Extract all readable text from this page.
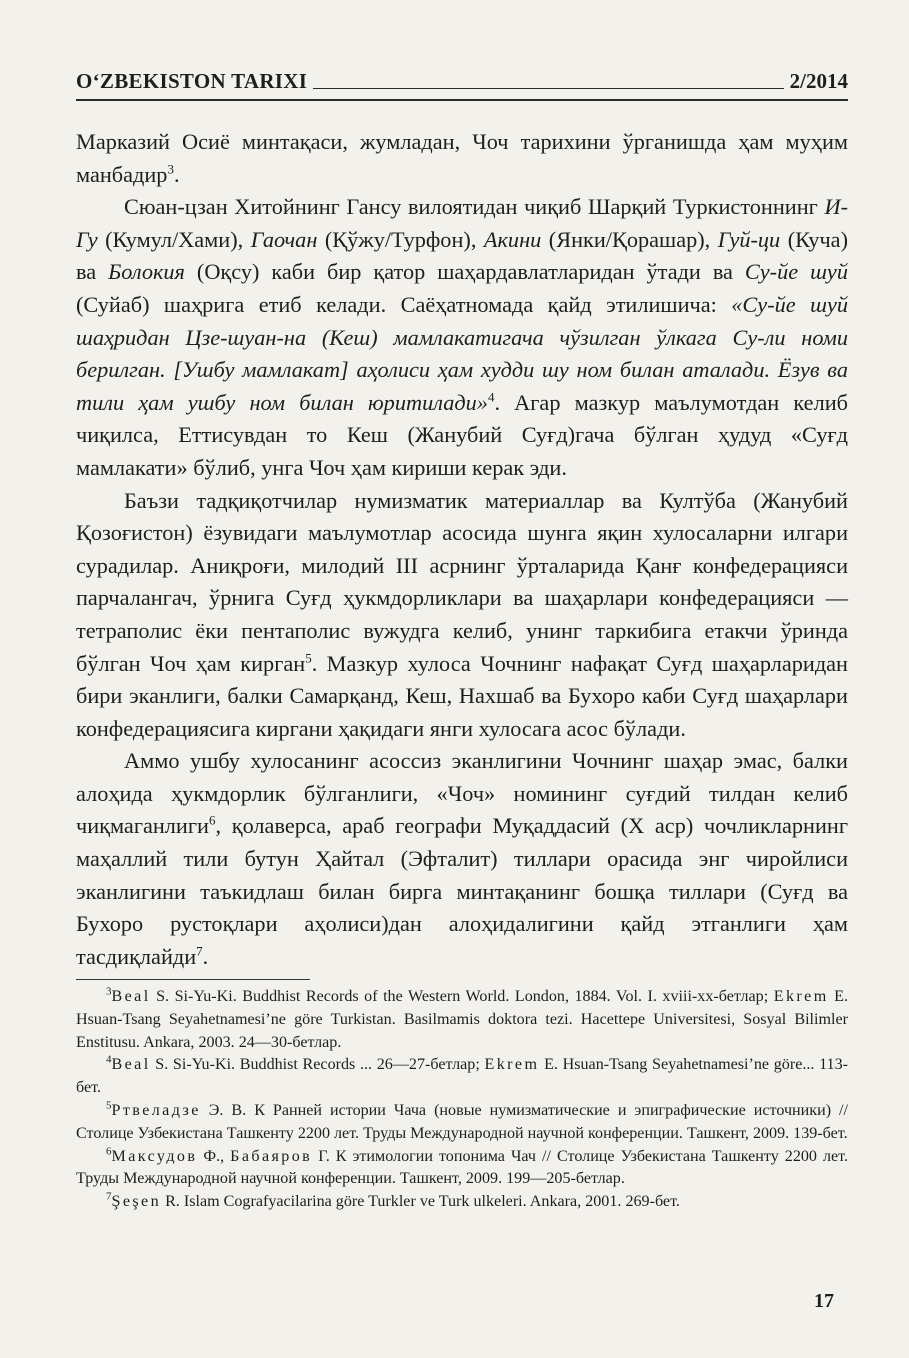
O‘ZBEKISTON TARIXI	2/2014

Марказий Осиё минтақаси, жумладан, Чоч тарихини ўрганишда ҳам муҳим манбадир$^3$.

Сюан-цзан Хитойнинг Гансу вилоятидан чиқиб Шарқий Туркистоннинг И-Гу (Кумул/Хами), Гаочан (Қўжу/Турфон), Акини (Янки/Қорашар), Гуй-цu (Куча) ва Болокия (Оқсу) каби бир қатор шаҳардавлатларидан ўтади ва Су-йе шуй (Суйаб) шаҳрига етиб келади. Саёҳатномада қайд этилишича: «Су-йе шуй шаҳридан Цзе-шуан-на (Кеш) мамлакатигача чўзилган ўлкага Су-ли номи берилган. [Ушбу мамлакат] аҳолиси ҳам худди шу ном билан аталади. Ёзув ва тили ҳам ушбу ном билан юритилади»$^4$. Агар мазкур маълумотдан келиб чиқилса, Еттисувдан то Кеш (Жанубий Суғд)гача бўлган ҳудуд «Суғд мамлакати» бўлиб, унга Чоч ҳам кириши керак эди.

Баъзи тадқиқотчилар нумизматик материаллар ва Култўба (Жанубий Қозоғистон) ёзувидаги маълумотлар асосида шунга яқин хулосаларни илгари сурадилар. Аниқроғи, милодий III асрнинг ўрталарида Қанғ конфедерацияси парчалангач, ўрнига Суғд ҳукмдорликлари ва шаҳарлари конфедерацияси — тетраполис ёки пентаполис вужудга келиб, унинг таркибига етакчи ўринда бўлган Чоч ҳам кирган$^5$. Мазкур хулоса Чочнинг нафақат Суғд шаҳарларидан бири эканлиги, балки Самарқанд, Кеш, Нахшаб ва Бухоро каби Суғд шаҳарлари конфедерациясига киргани ҳақидаги янги хулосага асос бўлади.

Аммо ушбу хулосанинг асоссиз эканлигини Чочнинг шаҳар эмас, балки алоҳида ҳукмдорлик бўлганлиги, «Чоч» номининг суғдий тилдан келиб чиқмаганлиги$^6$, қолаверса, араб географи Муқаддасий (X аср) чочликларнинг маҳаллий тили бутун Ҳайтал (Эфталит) тиллари орасида энг чиройлиси эканлигини таъкидлаш билан бирга минтақанинг бошқа тиллари (Суғд ва Бухоро рустоқлари аҳолиси)дан алоҳидалигини қайд этганлиги ҳам тасдиқлайди$^7$.

$^3$Beal S. Si-Yu-Ki. Buddhist Records of the Western World. London, 1884. Vol. I. xviii-xx-бетлар; Ekrem E. Hsuan-Tsang Seyahetnamesi’ne göre Turkistan. Basilmamis doktora tezi. Hacettepe Universitesi, Sosyal Bilimler Enstitusu. Ankara, 2003. 24—30-бетлар.

$^4$Beal S. Si-Yu-Ki. Buddhist Records ... 26—27-бетлар; Ekrem E. Hsuan-Tsang Seyahetnamesi’ne göre... 113-бет.

$^5$Ртвеладзе Э. В. К Ранней истории Чача (новые нумизматические и эпиграфические источники) // Столице Узбекистана Ташкенту 2200 лет. Труды Международной научной конференции. Ташкент, 2009. 139-бет.

$^6$Максудов Ф., Бабаяров Г. К этимологии топонима Чач // Столице Узбекистана Ташкенту 2200 лет. Труды Международной научной конференции. Ташкент, 2009. 199—205-бетлар.

$^7$Şeşen R. Islam Cografyacilarina göre Turkler ve Turk ulkeleri. Ankara, 2001. 269-бет.

17
